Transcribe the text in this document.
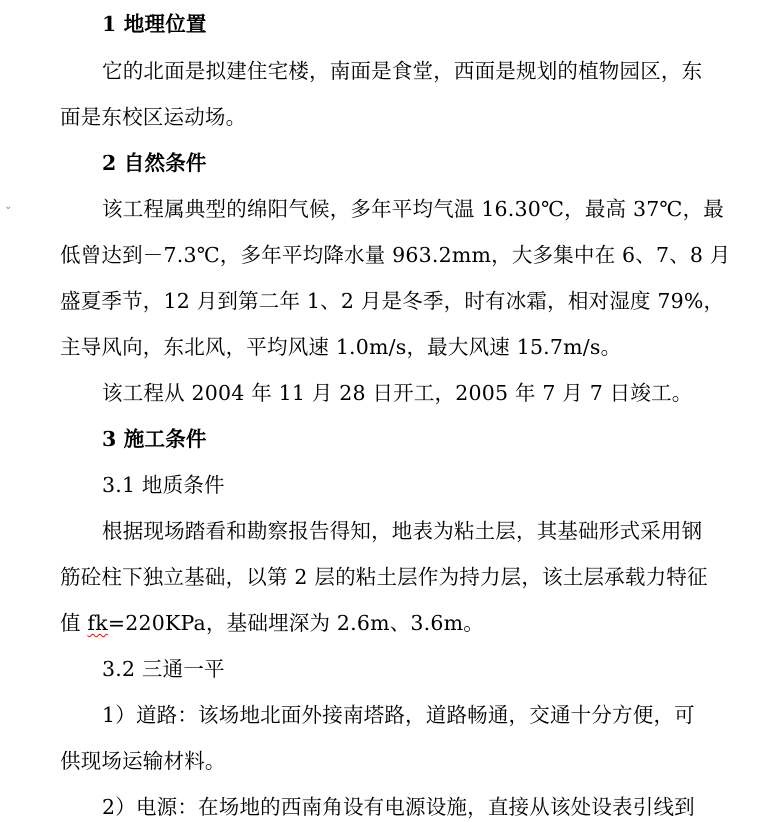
⌄
1 地理位置
它的北面是拟建住宅楼，南面是食堂，西面是规划的植物园区，东
面是东校区运动场。
2 自然条件
该工程属典型的绵阳气候，多年平均气温 16.30℃，最高 37℃，最
低曾达到－7.3℃，多年平均降水量 963.2mm，大多集中在 6、7、8 月
盛夏季节，12 月到第二年 1、2 月是冬季，时有冰霜，相对湿度 79%，
主导风向，东北风，平均风速 1.0m/s，最大风速 15.7m/s。
该工程从 2004 年 11 月 28 日开工，2005 年 7 月 7 日竣工。
3 施工条件
3.1 地质条件
根据现场踏看和勘察报告得知，地表为粘土层，其基础形式采用钢
筋砼柱下独立基础，以第 2 层的粘土层作为持力层，该土层承载力特征
值 fk=220KPa，基础埋深为 2.6m、3.6m。
3.2 三通一平
1）道路：该场地北面外接南塔路，道路畅通，交通十分方便，可
供现场运输材料。
2）电源：在场地的西南角设有电源设施，直接从该处设表引线到
